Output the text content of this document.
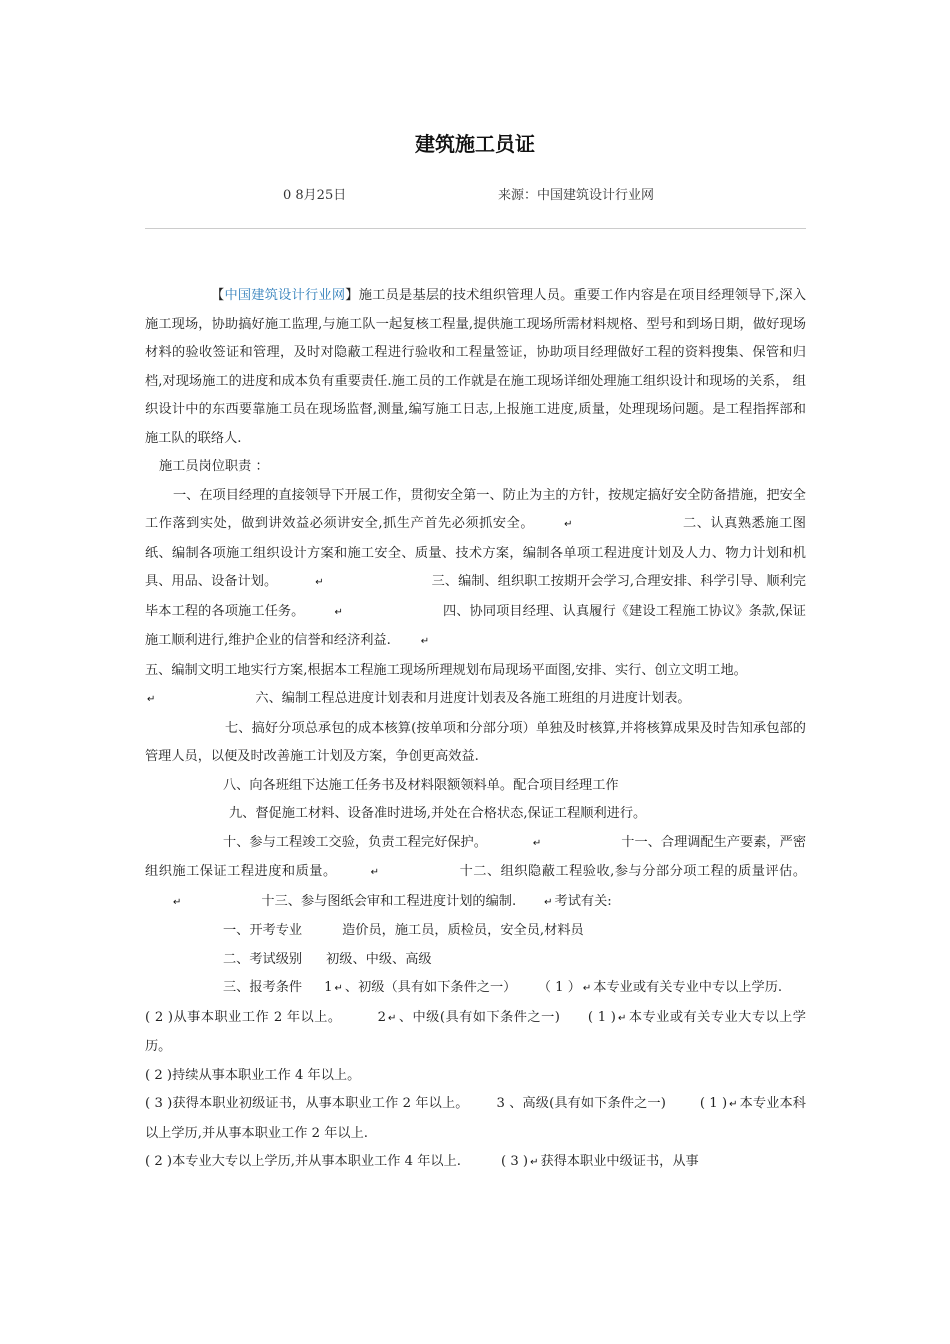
建筑施工员证
0 8月25日	来源：中国建筑设计行业网

【中国建筑设计行业网】施工员是基层的技术组织管理人员。重要工作内容是在项目经理领导下,深入施工现场，协助搞好施工监理,与施工队一起复核工程量,提供施工现场所需材料规格、型号和到场日期，做好现场材料的验收签证和管理，及时对隐蔽工程进行验收和工程量签证，协助项目经理做好工程的资料搜集、保管和归档,对现场施工的进度和成本负有重要责任.施工员的工作就是在施工现场详细处理施工组织设计和现场的关系， 组织设计中的东西要靠施工员在现场监督,测量,编写施工日志,上报施工进度,质量，处理现场问题。是工程指挥部和施工队的联络人.

施工员岗位职责 ：

一、在项目经理的直接领导下开展工作，贯彻安全第一、防止为主的方针，按规定搞好安全防备措施，把安全工作落到实处，做到讲效益必须讲安全,抓生产首先必须抓安全。	↵	二、认真熟悉施工图纸、编制各项施工组织设计方案和施工安全、质量、技术方案，编制各单项工程进度计划及人力、物力计划和机具、用品、设备计划。	↵	三、编制、组织职工按期开会学习,合理安排、科学引导、顺利完毕本工程的各项施工任务。	↵	四、协同项目经理、认真履行《建设工程施工协议》条款,保证施工顺利进行,维护企业的信誉和经济利益.	↵

五、编制文明工地实行方案,根据本工程施工现场所理规划布局现场平面图,安排、实行、创立文明工地。

↵	六、编制工程总进度计划表和月进度计划表及各施工班组的月进度计划表。

七、搞好分项总承包的成本核算(按单项和分部分项）单独及时核算,并将核算成果及时告知承包部的管理人员，以便及时改善施工计划及方案，争创更高效益.

八、向各班组下达施工任务书及材料限额领料单。配合项目经理工作

九、督促施工材料、设备准时进场,并处在合格状态,保证工程顺利进行。

十、参与工程竣工交验，负责工程完好保护。	↵	十一、合理调配生产要素，严密组织施工保证工程进度和质量。	↵	十二、组织隐蔽工程验收,参与分部分项工程的质量评估。↵	十三、参与图纸会审和工程进度计划的编制.	↵ 考试有关:

一、开考专业	造价员，施工员，质检员，安全员,材料员

二、考试级别 初级、中级、高级

三、报考条件 1 ↵ 、初级（具有如下条件之一） （ 1 ） ↵ 本专业或有关专业中专以上学历.

( 2 )从事本职业工作 2 年以上。	2 ↵ 、中级(具有如下条件之一) ( 1 ) ↵ 本专业或有关专业大专以上学历。

( 2 )持续从事本职业工作 4 年以上。

( 3 )获得本职业初级证书，从事本职业工作 2 年以上。 3 、高级(具有如下条件之一)	( 1 ) ↵ 本专业本科以上学历,并从事本职业工作 2 年以上.

( 2 )本专业大专以上学历,并从事本职业工作 4 年以上.	( 3 ) ↵ 获得本职业中级证书，从事
